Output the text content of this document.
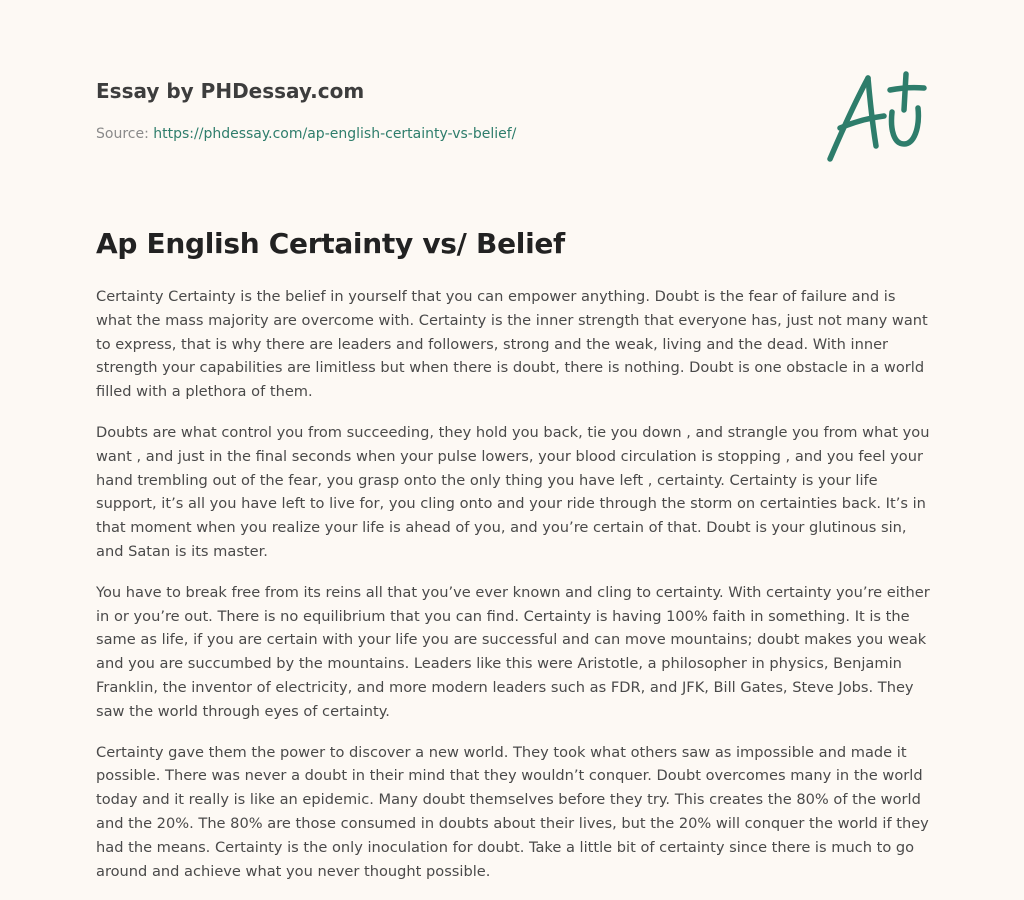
Essay by PHDessay.com
Source: https://phdessay.com/ap-english-certainty-vs-belief/
Ap English Certainty vs/ Belief

Certainty Certainty is the belief in yourself that you can empower anything. Doubt is the fear of failure and is what the mass majority are overcome with. Certainty is the inner strength that everyone has, just not many want to express, that is why there are leaders and followers, strong and the weak, living and the dead. With inner strength your capabilities are limitless but when there is doubt, there is nothing. Doubt is one obstacle in a world filled with a plethora of them.

Doubts are what control you from succeeding, they hold you back, tie you down , and strangle you from what you want , and just in the final seconds when your pulse lowers, your blood circulation is stopping , and you feel your hand trembling out of the fear, you grasp onto the only thing you have left , certainty. Certainty is your life support, it’s all you have left to live for, you cling onto and your ride through the storm on certainties back. It’s in that moment when you realize your life is ahead of you, and you’re certain of that. Doubt is your glutinous sin, and Satan is its master.

You have to break free from its reins all that you’ve ever known and cling to certainty. With certainty you’re either in or you’re out. There is no equilibrium that you can find. Certainty is having 100% faith in something. It is the same as life, if you are certain with your life you are successful and can move mountains; doubt makes you weak and you are succumbed by the mountains. Leaders like this were Aristotle, a philosopher in physics, Benjamin Franklin, the inventor of electricity, and more modern leaders such as FDR, and JFK, Bill Gates, Steve Jobs. They saw the world through eyes of certainty.

Certainty gave them the power to discover a new world. They took what others saw as impossible and made it possible. There was never a doubt in their mind that they wouldn’t conquer. Doubt overcomes many in the world today and it really is like an epidemic. Many doubt themselves before they try. This creates the 80% of the world and the 20%. The 80% are those consumed in doubts about their lives, but the 20% will conquer the world if they had the means. Certainty is the only inoculation for doubt. Take a little bit of certainty since there is much to go around and achieve what you never thought possible.
